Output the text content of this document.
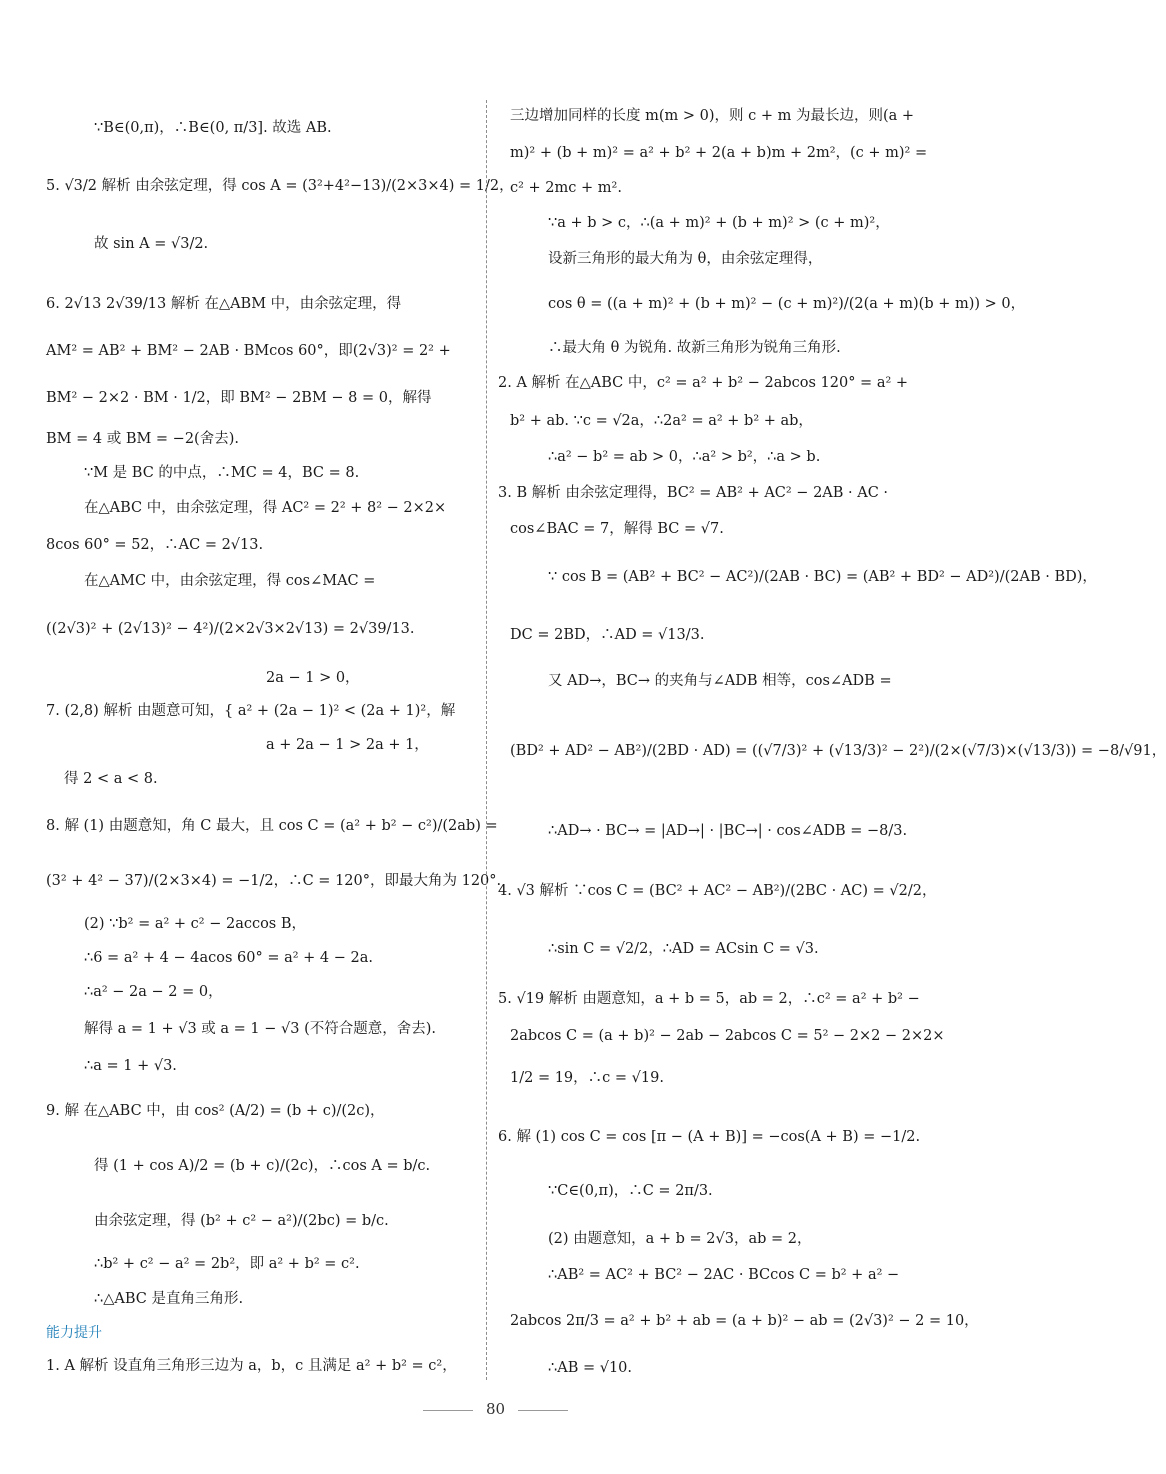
∵B∈(0,π)，∴B∈(0, π/3]. 故选 AB.
5. √3/2 解析 由余弦定理，得 cos A = (3²+4²−13)/(2×3×4) = 1/2，
故 sin A = √3/2.
6. 2√13 2√39/13 解析 在△ABM 中，由余弦定理，得
AM² = AB² + BM² − 2AB · BMcos 60°，即(2√3)² = 2² +
BM² − 2×2 · BM · 1/2，即 BM² − 2BM − 8 = 0，解得
BM = 4 或 BM = −2(舍去).
∵M 是 BC 的中点，∴MC = 4，BC = 8.
在△ABC 中，由余弦定理，得 AC² = 2² + 8² − 2×2×
8cos 60° = 52，∴AC = 2√13.
在△AMC 中，由余弦定理，得 cos∠MAC =
((2√3)² + (2√13)² − 4²)/(2×2√3×2√13) = 2√39/13.
2a − 1 > 0，
7. (2,8) 解析 由题意可知，{ a² + (2a − 1)² < (2a + 1)²，解
a + 2a − 1 > 2a + 1，
得 2 < a < 8.
8. 解 (1) 由题意知，角 C 最大，且 cos C = (a² + b² − c²)/(2ab) =
(3² + 4² − 37)/(2×3×4) = −1/2，∴C = 120°，即最大角为 120°.
(2) ∵b² = a² + c² − 2accos B，
∴6 = a² + 4 − 4acos 60° = a² + 4 − 2a.
∴a² − 2a − 2 = 0，
解得 a = 1 + √3 或 a = 1 − √3 (不符合题意，舍去).
∴a = 1 + √3.
9. 解 在△ABC 中，由 cos² (A/2) = (b + c)/(2c)，
得 (1 + cos A)/2 = (b + c)/(2c)，∴cos A = b/c.
由余弦定理，得 (b² + c² − a²)/(2bc) = b/c.
∴b² + c² − a² = 2b²，即 a² + b² = c².
∴△ABC 是直角三角形.
能力提升
1. A 解析 设直角三角形三边为 a，b，c 且满足 a² + b² = c²，
三边增加同样的长度 m(m > 0)，则 c + m 为最长边，则(a +
m)² + (b + m)² = a² + b² + 2(a + b)m + 2m²，(c + m)² =
c² + 2mc + m².
∵a + b > c，∴(a + m)² + (b + m)² > (c + m)²，
设新三角形的最大角为 θ，由余弦定理得，
cos θ = ((a + m)² + (b + m)² − (c + m)²)/(2(a + m)(b + m)) > 0，
∴最大角 θ 为锐角. 故新三角形为锐角三角形.
2. A 解析 在△ABC 中，c² = a² + b² − 2abcos 120° = a² +
b² + ab. ∵c = √2a，∴2a² = a² + b² + ab，
∴a² − b² = ab > 0，∴a² > b²，∴a > b.
3. B 解析 由余弦定理得，BC² = AB² + AC² − 2AB · AC ·
cos∠BAC = 7，解得 BC = √7.
∵ cos B = (AB² + BC² − AC²)/(2AB · BC) = (AB² + BD² − AD²)/(2AB · BD)，
DC = 2BD，∴AD = √13/3.
又 AD→，BC→ 的夹角与∠ADB 相等，cos∠ADB =
(BD² + AD² − AB²)/(2BD · AD) = ((√7/3)² + (√13/3)² − 2²)/(2×(√7/3)×(√13/3)) = −8/√91，
∴AD→ · BC→ = |AD→| · |BC→| · cos∠ADB = −8/3.
4. √3 解析 ∵cos C = (BC² + AC² − AB²)/(2BC · AC) = √2/2，
∴sin C = √2/2，∴AD = ACsin C = √3.
5. √19 解析 由题意知，a + b = 5，ab = 2，∴c² = a² + b² −
2abcos C = (a + b)² − 2ab − 2abcos C = 5² − 2×2 − 2×2×
1/2 = 19，∴c = √19.
6. 解 (1) cos C = cos [π − (A + B)] = −cos(A + B) = −1/2.
∵C∈(0,π)，∴C = 2π/3.
(2) 由题意知，a + b = 2√3，ab = 2，
∴AB² = AC² + BC² − 2AC · BCcos C = b² + a² −
2abcos 2π/3 = a² + b² + ab = (a + b)² − ab = (2√3)² − 2 = 10，
∴AB = √10.
80
